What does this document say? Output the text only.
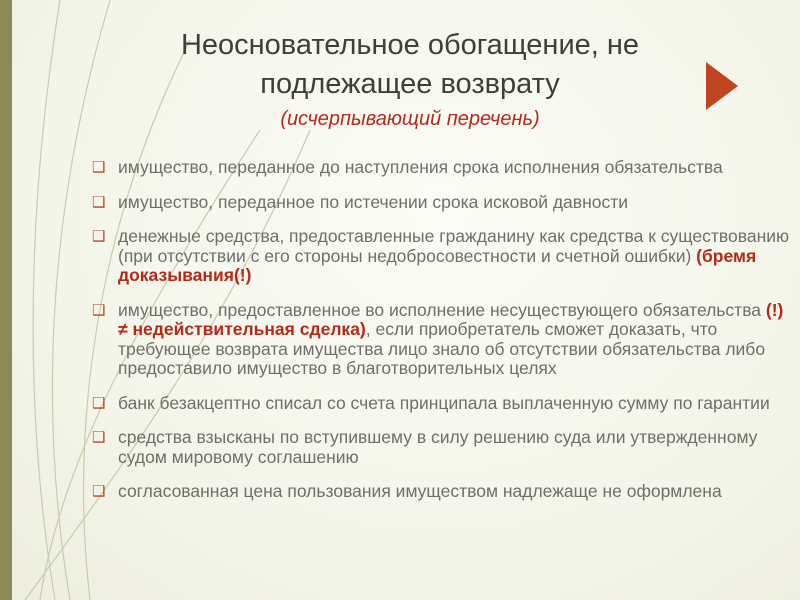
Неосновательное обогащение, не подлежащее возврату

(исчерпывающий перечень)

❑ имущество, переданное до наступления срока исполнения обязательства
❑ имущество, переданное по истечении срока исковой давности
❑ денежные средства, предоставленные гражданину как средства к существованию (при отсутствии с его стороны недобросовестности и счетной ошибки) (бремя доказывания(!)
❑ имущество, предоставленное во исполнение несуществующего обязательства (!) ≠ недействительная сделка), если приобретатель сможет доказать, что требующее возврата имущества лицо знало об отсутствии обязательства либо предоставило имущество в благотворительных целях
❑ банк безакцептно списал со счета принципала выплаченную сумму по гарантии
❑ средства взысканы по вступившему в силу решению суда или утвержденному судом мировому соглашению
❑ согласованная цена пользования имуществом надлежаще не оформлена
